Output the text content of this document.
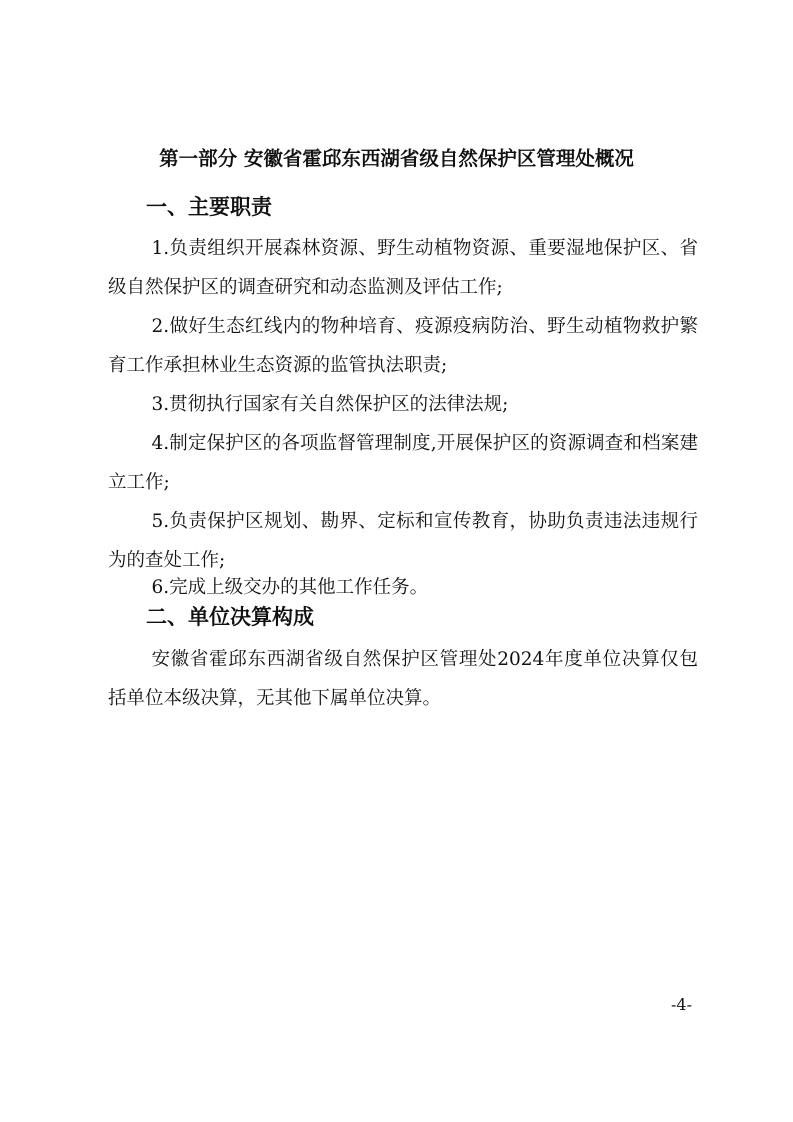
第一部分 安徽省霍邱东西湖省级自然保护区管理处概况
一、主要职责
1.负责组织开展森林资源、野生动植物资源、重要湿地保护区、省级自然保护区的调查研究和动态监测及评估工作;
2.做好生态红线内的物种培育、疫源疫病防治、野生动植物救护繁育工作承担林业生态资源的监管执法职责;
3.贯彻执行国家有关自然保护区的法律法规;
4.制定保护区的各项监督管理制度,开展保护区的资源调查和档案建立工作;
5.负责保护区规划、勘界、定标和宣传教育，协助负责违法违规行为的查处工作;
6.完成上级交办的其他工作任务。
二、单位决算构成
安徽省霍邱东西湖省级自然保护区管理处2024年度单位决算仅包括单位本级决算，无其他下属单位决算。
-4-
